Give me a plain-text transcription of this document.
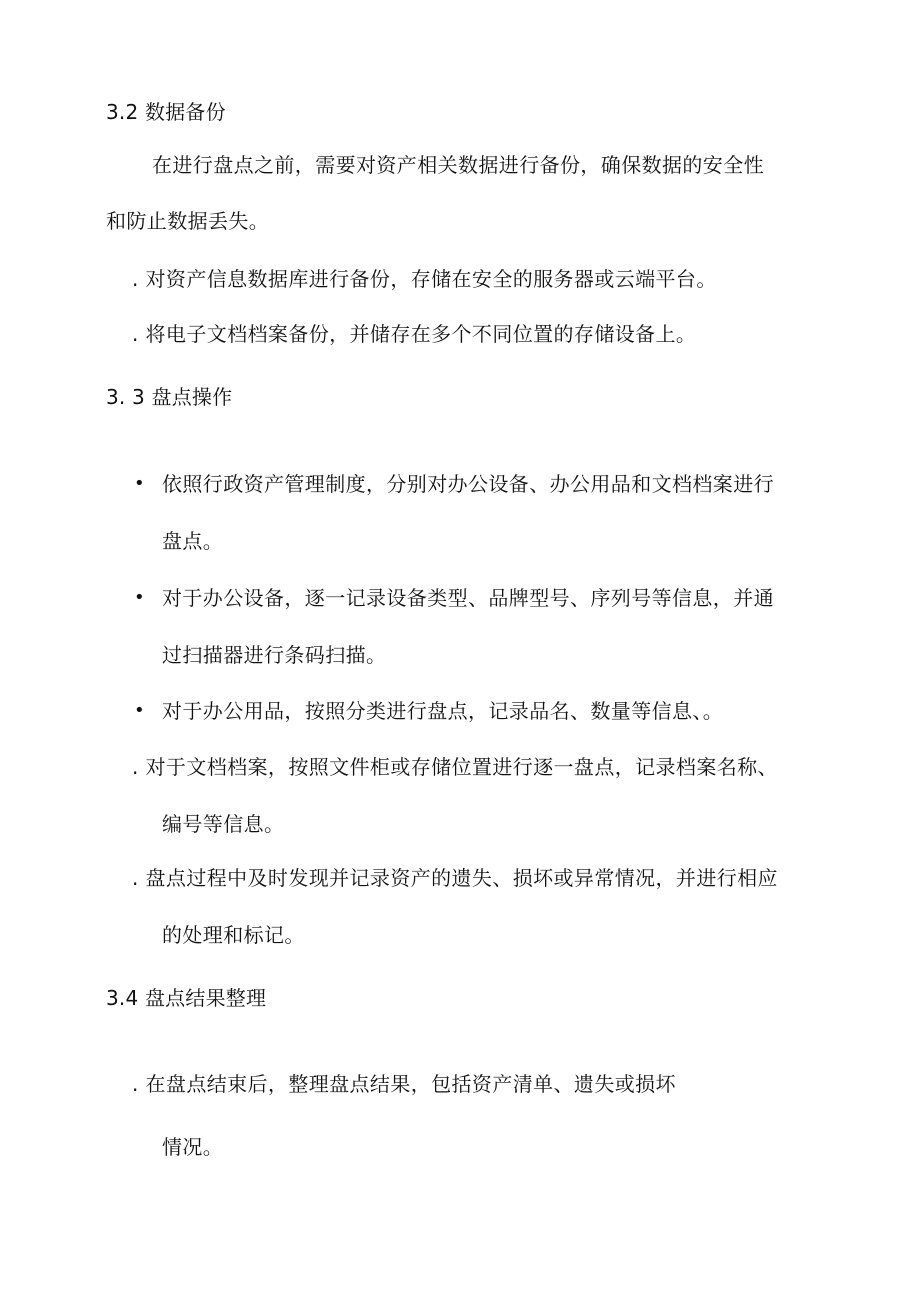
3.2 数据备份
在进行盘点之前，需要对资产相关数据进行备份，确保数据的安全性
和防止数据丢失。
. 对资产信息数据库进行备份，存储在安全的服务器或云端平台。
. 将电子文档档案备份，并储存在多个不同位置的存储设备上。
3. 3 盘点操作
• 依照行政资产管理制度，分别对办公设备、办公用品和文档档案进行
盘点。
• 对于办公设备，逐一记录设备类型、品牌型号、序列号等信息，并通
过扫描器进行条码扫描。
• 对于办公用品，按照分类进行盘点，记录品名、数量等信息、。
. 对于文档档案，按照文件柜或存储位置进行逐一盘点，记录档案名称、
编号等信息。
. 盘点过程中及时发现并记录资产的遗失、损坏或异常情况，并进行相应
的处理和标记。
3.4 盘点结果整理
. 在盘点结束后，整理盘点结果，包括资产清单、遗失或损坏
情况。
